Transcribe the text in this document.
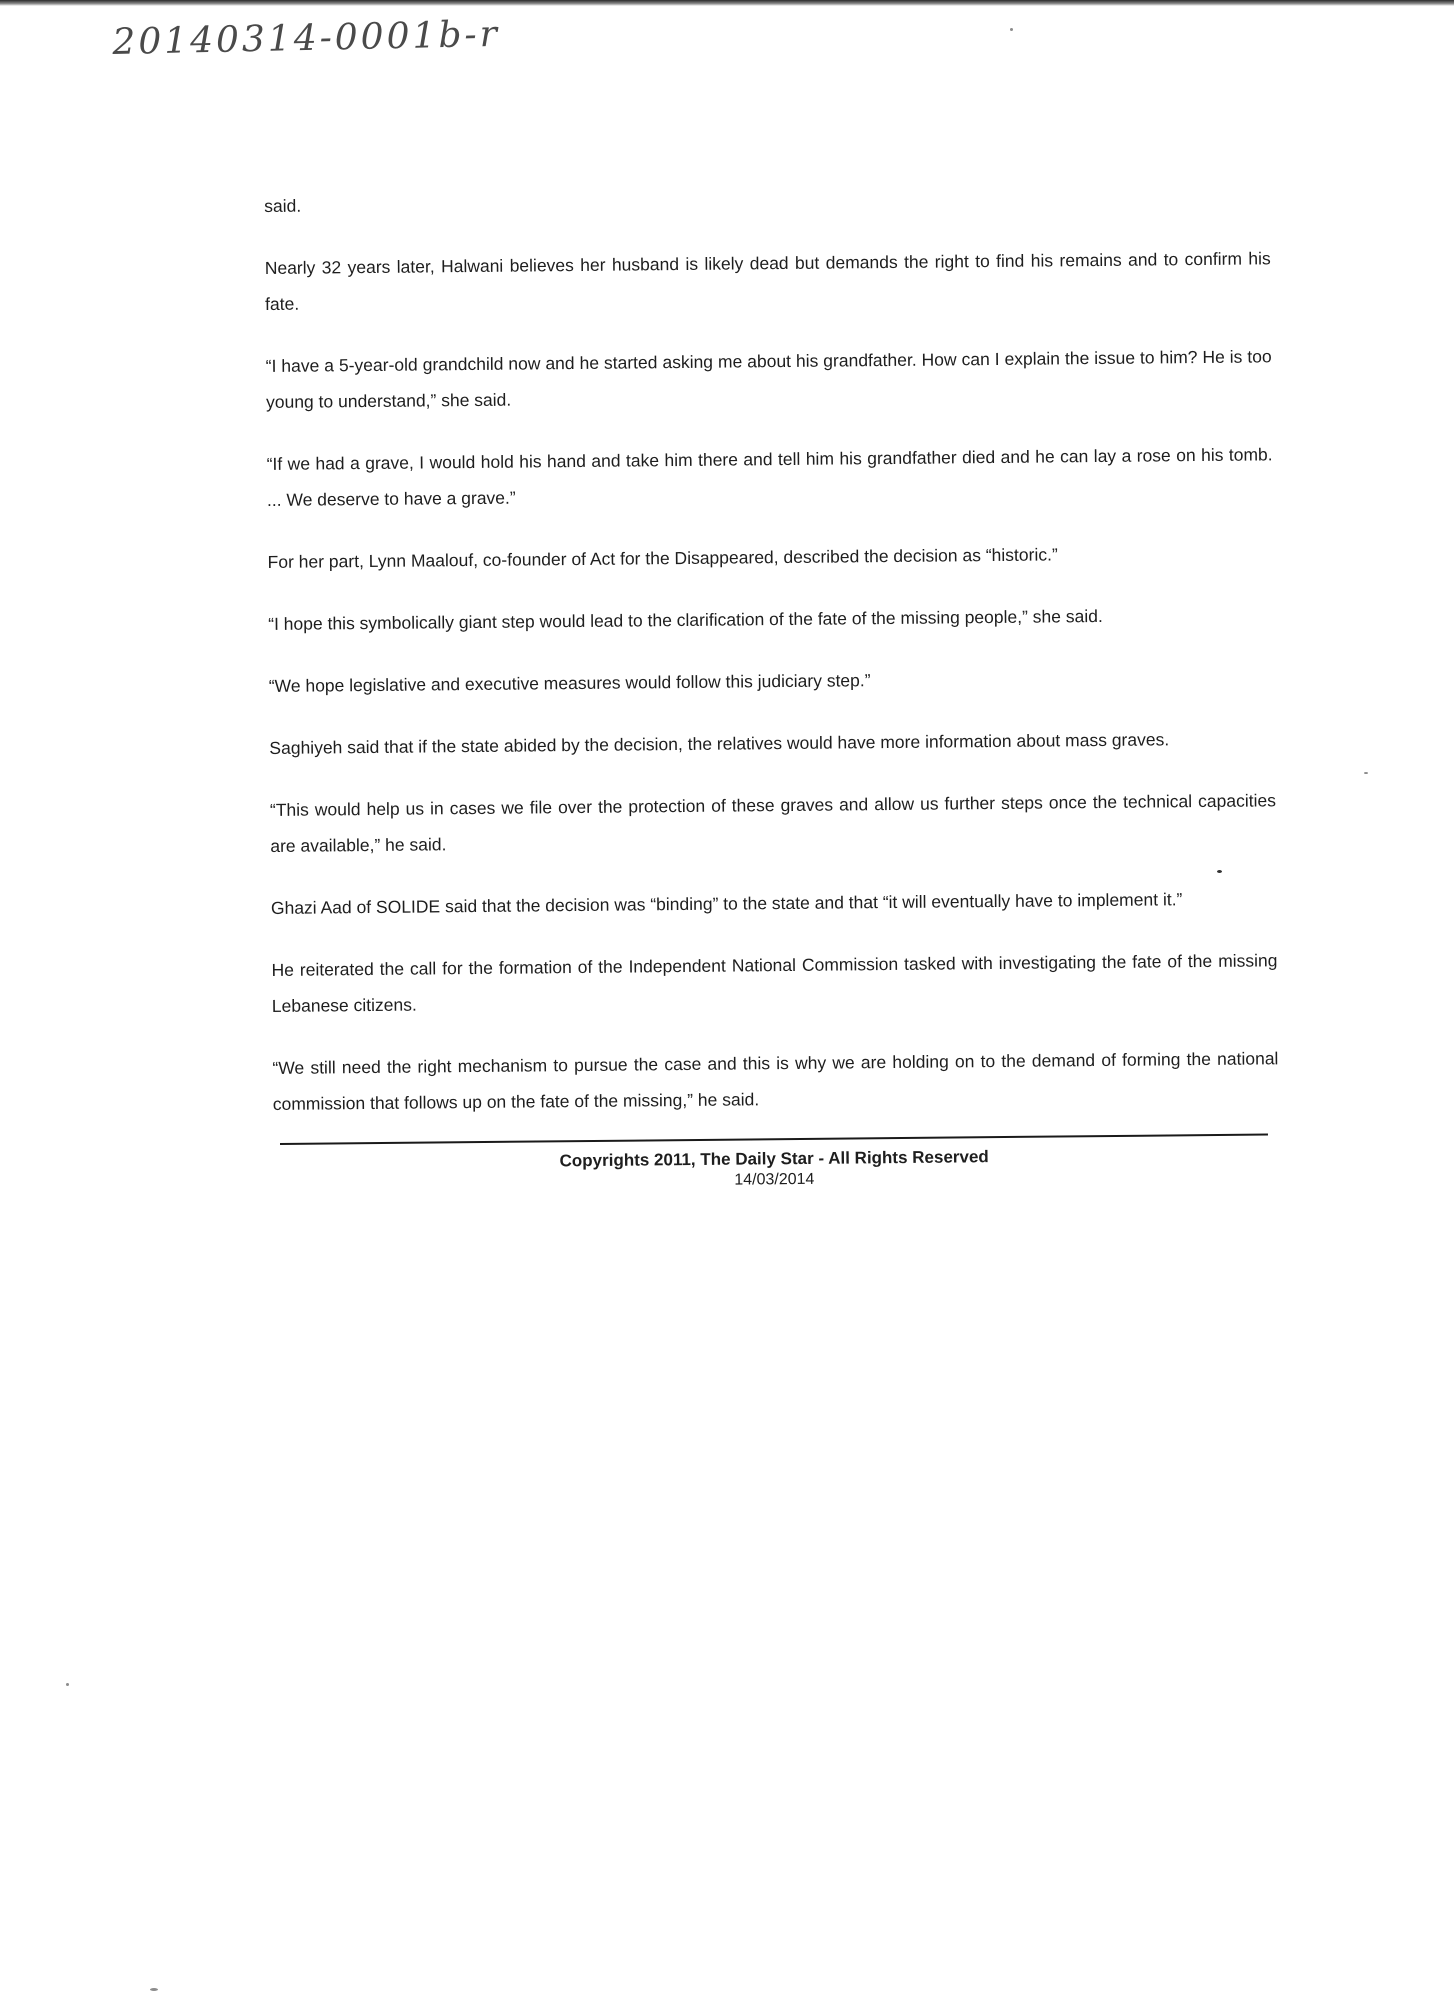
20140314-0001b-r

said.

Nearly 32 years later, Halwani believes her husband is likely dead but demands the right to find his remains and to confirm his fate.

“I have a 5-year-old grandchild now and he started asking me about his grandfather. How can I explain the issue to him? He is too young to understand,” she said.

“If we had a grave, I would hold his hand and take him there and tell him his grandfather died and he can lay a rose on his tomb. ... We deserve to have a grave.”

For her part, Lynn Maalouf, co-founder of Act for the Disappeared, described the decision as “historic.”

“I hope this symbolically giant step would lead to the clarification of the fate of the missing people,” she said.

“We hope legislative and executive measures would follow this judiciary step.”

Saghiyeh said that if the state abided by the decision, the relatives would have more information about mass graves.

“This would help us in cases we file over the protection of these graves and allow us further steps once the technical capacities are available,” he said.

Ghazi Aad of SOLIDE said that the decision was “binding” to the state and that “it will eventually have to implement it.”

He reiterated the call for the formation of the Independent National Commission tasked with investigating the fate of the missing Lebanese citizens.

“We still need the right mechanism to pursue the case and this is why we are holding on to the demand of forming the national commission that follows up on the fate of the missing,” he said.

Copyrights 2011, The Daily Star - All Rights Reserved
14/03/2014
